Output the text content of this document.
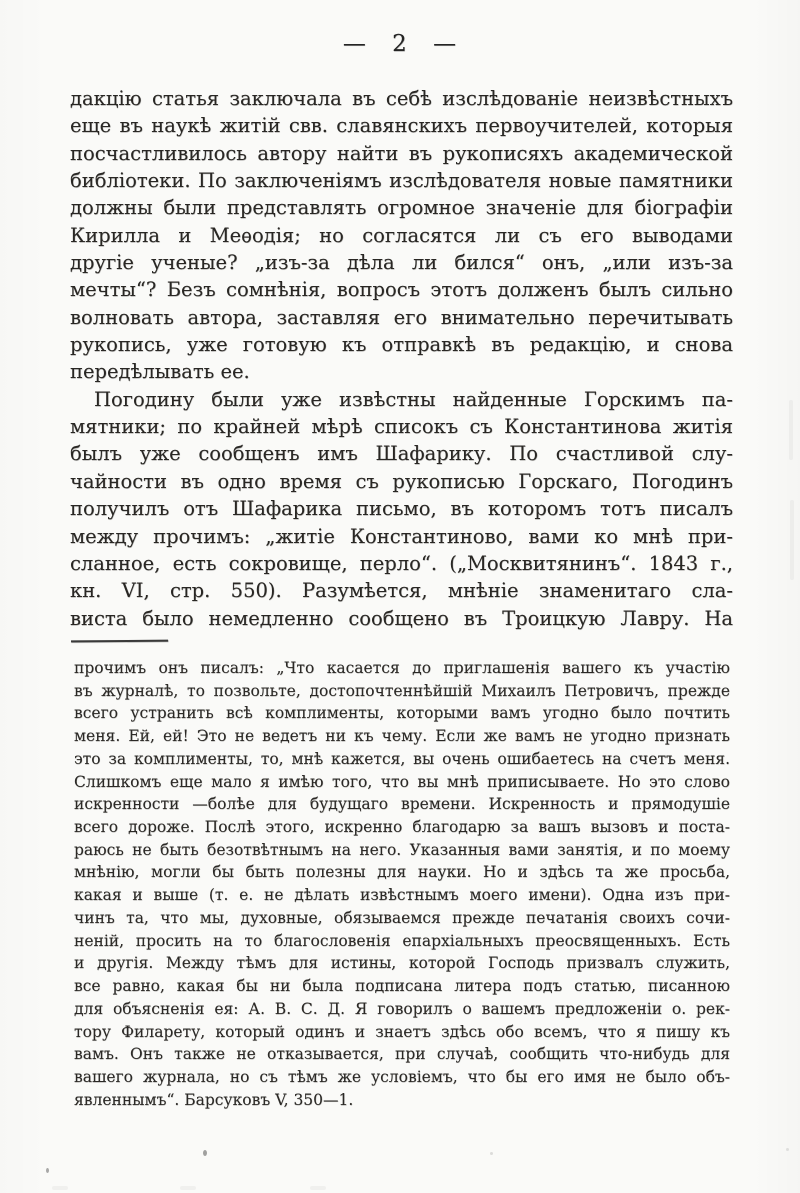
— 2 —
дакцію статья заключала въ себѣ изслѣдованіе неизвѣстныхъ
еще въ наукѣ житій свв. славянскихъ первоучителей, которыя
посчастливилось автору найти въ рукописяхъ академической
библіотеки. По заключеніямъ изслѣдователя новые памятники
должны были представлять огромное значеніе для біографіи
Кирилла и Меѳодія; но согласятся ли съ его выводами
другіе ученые? „изъ-за дѣла ли бился“ онъ, „или изъ-за
мечты“? Безъ сомнѣнія, вопросъ этотъ долженъ былъ сильно
волновать автора, заставляя его внимательно перечитывать
рукопись, уже готовую къ отправкѣ въ редакцію, и снова
передѣлывать ее.
Погодину были уже извѣстны найденные Горскимъ па-
мятники; по крайней мѣрѣ списокъ съ Константинова житія
былъ уже сообщенъ имъ Шафарику. По счастливой слу-
чайности въ одно время съ рукописью Горскаго, Погодинъ
получилъ отъ Шафарика письмо, въ которомъ тотъ писалъ
между прочимъ: „житіе Константиново, вами ко мнѣ при-
сланное, есть сокровище, перло“. („Москвитянинъ“. 1843 г.,
кн. VI, стр. 550). Разумѣется, мнѣніе знаменитаго сла-
виста было немедленно сообщено въ Троицкую Лавру. На
прочимъ онъ писалъ: „Что касается до приглашенія вашего къ участію
въ журналѣ, то позвольте, достопочтеннѣйшій Михаилъ Петровичъ, прежде
всего устранить всѣ комплименты, которыми вамъ угодно было почтить
меня. Ей, ей! Это не ведетъ ни къ чему. Если же вамъ не угодно признать
это за комплименты, то, мнѣ кажется, вы очень ошибаетесь на счетъ меня.
Слишкомъ еще мало я имѣю того, что вы мнѣ приписываете. Но это слово
искренности —болѣе для будущаго времени. Искренность и прямодушіе
всего дороже. Послѣ этого, искренно благодарю за вашъ вызовъ и поста-
раюсь не быть безотвѣтнымъ на него. Указанныя вами занятія, и по моему
мнѣнію, могли бы быть полезны для науки. Но и здѣсь та же просьба,
какая и выше (т. е. не дѣлать извѣстнымъ моего имени). Одна изъ при-
чинъ та, что мы, духовные, обязываемся прежде печатанія своихъ сочи-
неній, просить на то благословенія епархіальныхъ преосвященныхъ. Есть
и другія. Между тѣмъ для истины, которой Господь призвалъ служить,
все равно, какая бы ни была подписана литера подъ статью, писанною
для объясненія ея: А. В. С. Д. Я говорилъ о вашемъ предложеніи о. рек-
тору Филарету, который одинъ и знаетъ здѣсь обо всемъ, что я пишу къ
вамъ. Онъ также не отказывается, при случаѣ, сообщить что-нибудь для
вашего журнала, но съ тѣмъ же условіемъ, что бы его имя не было объ-
явленнымъ“. Барсуковъ V, 350—1.
